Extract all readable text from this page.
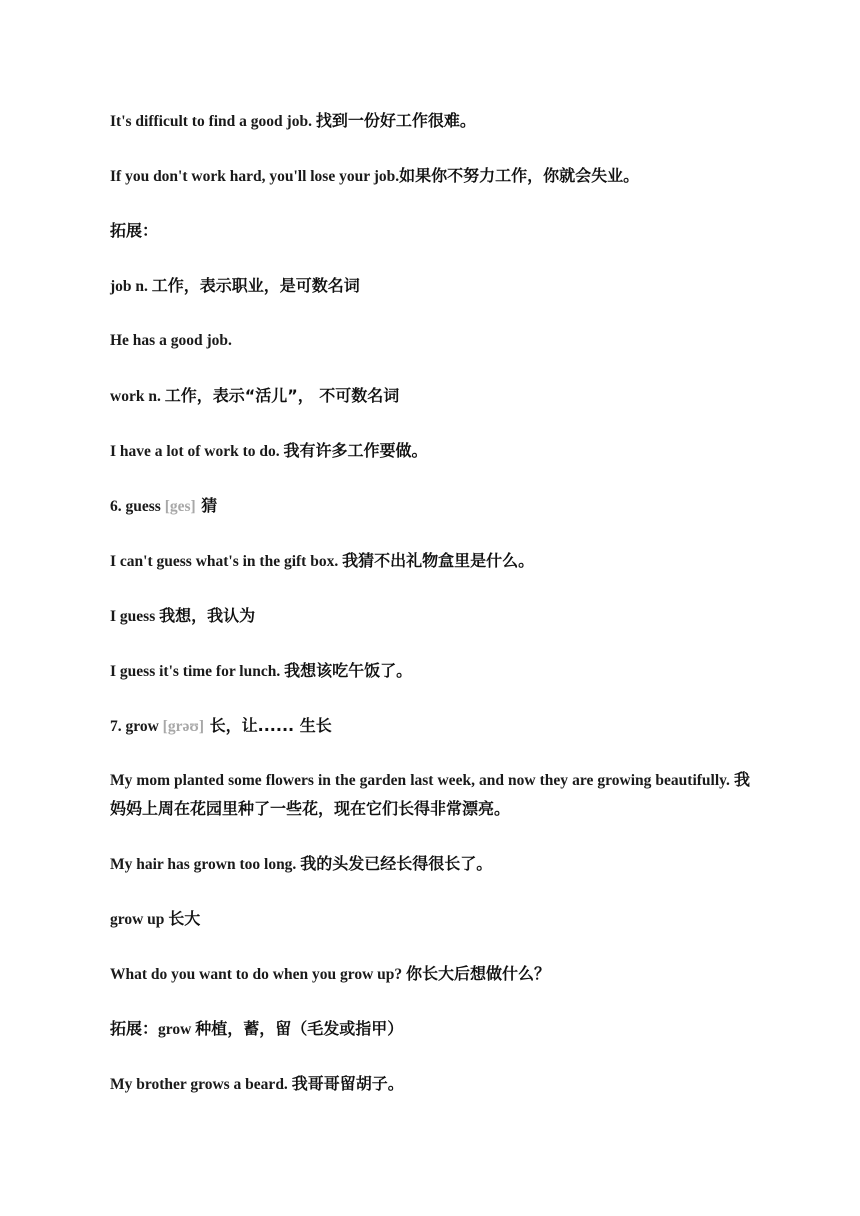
It's difficult to find a good job. 找到一份好工作很难。
If you don't work hard, you'll lose your job.如果你不努力工作，你就会失业。
拓展：
job n. 工作，表示职业，是可数名词
He has a good job.
work n. 工作，表示“活儿”， 不可数名词
I have a lot of work to do. 我有许多工作要做。
6. guess [ges] 猜
I can't guess what's in the gift box. 我猜不出礼物盒里是什么。
I guess 我想，我认为
I guess it's time for lunch. 我想该吃午饭了。
7. grow [grəʊ] 长，让...... 生长
My mom planted some flowers in the garden last week, and now they are growing beautifully. 我妈妈上周在花园里种了一些花，现在它们长得非常漂亮。
My hair has grown too long. 我的头发已经长得很长了。
grow up 长大
What do you want to do when you grow up? 你长大后想做什么？
拓展：grow 种植，蓄，留（毛发或指甲）
My brother grows a beard. 我哥哥留胡子。
